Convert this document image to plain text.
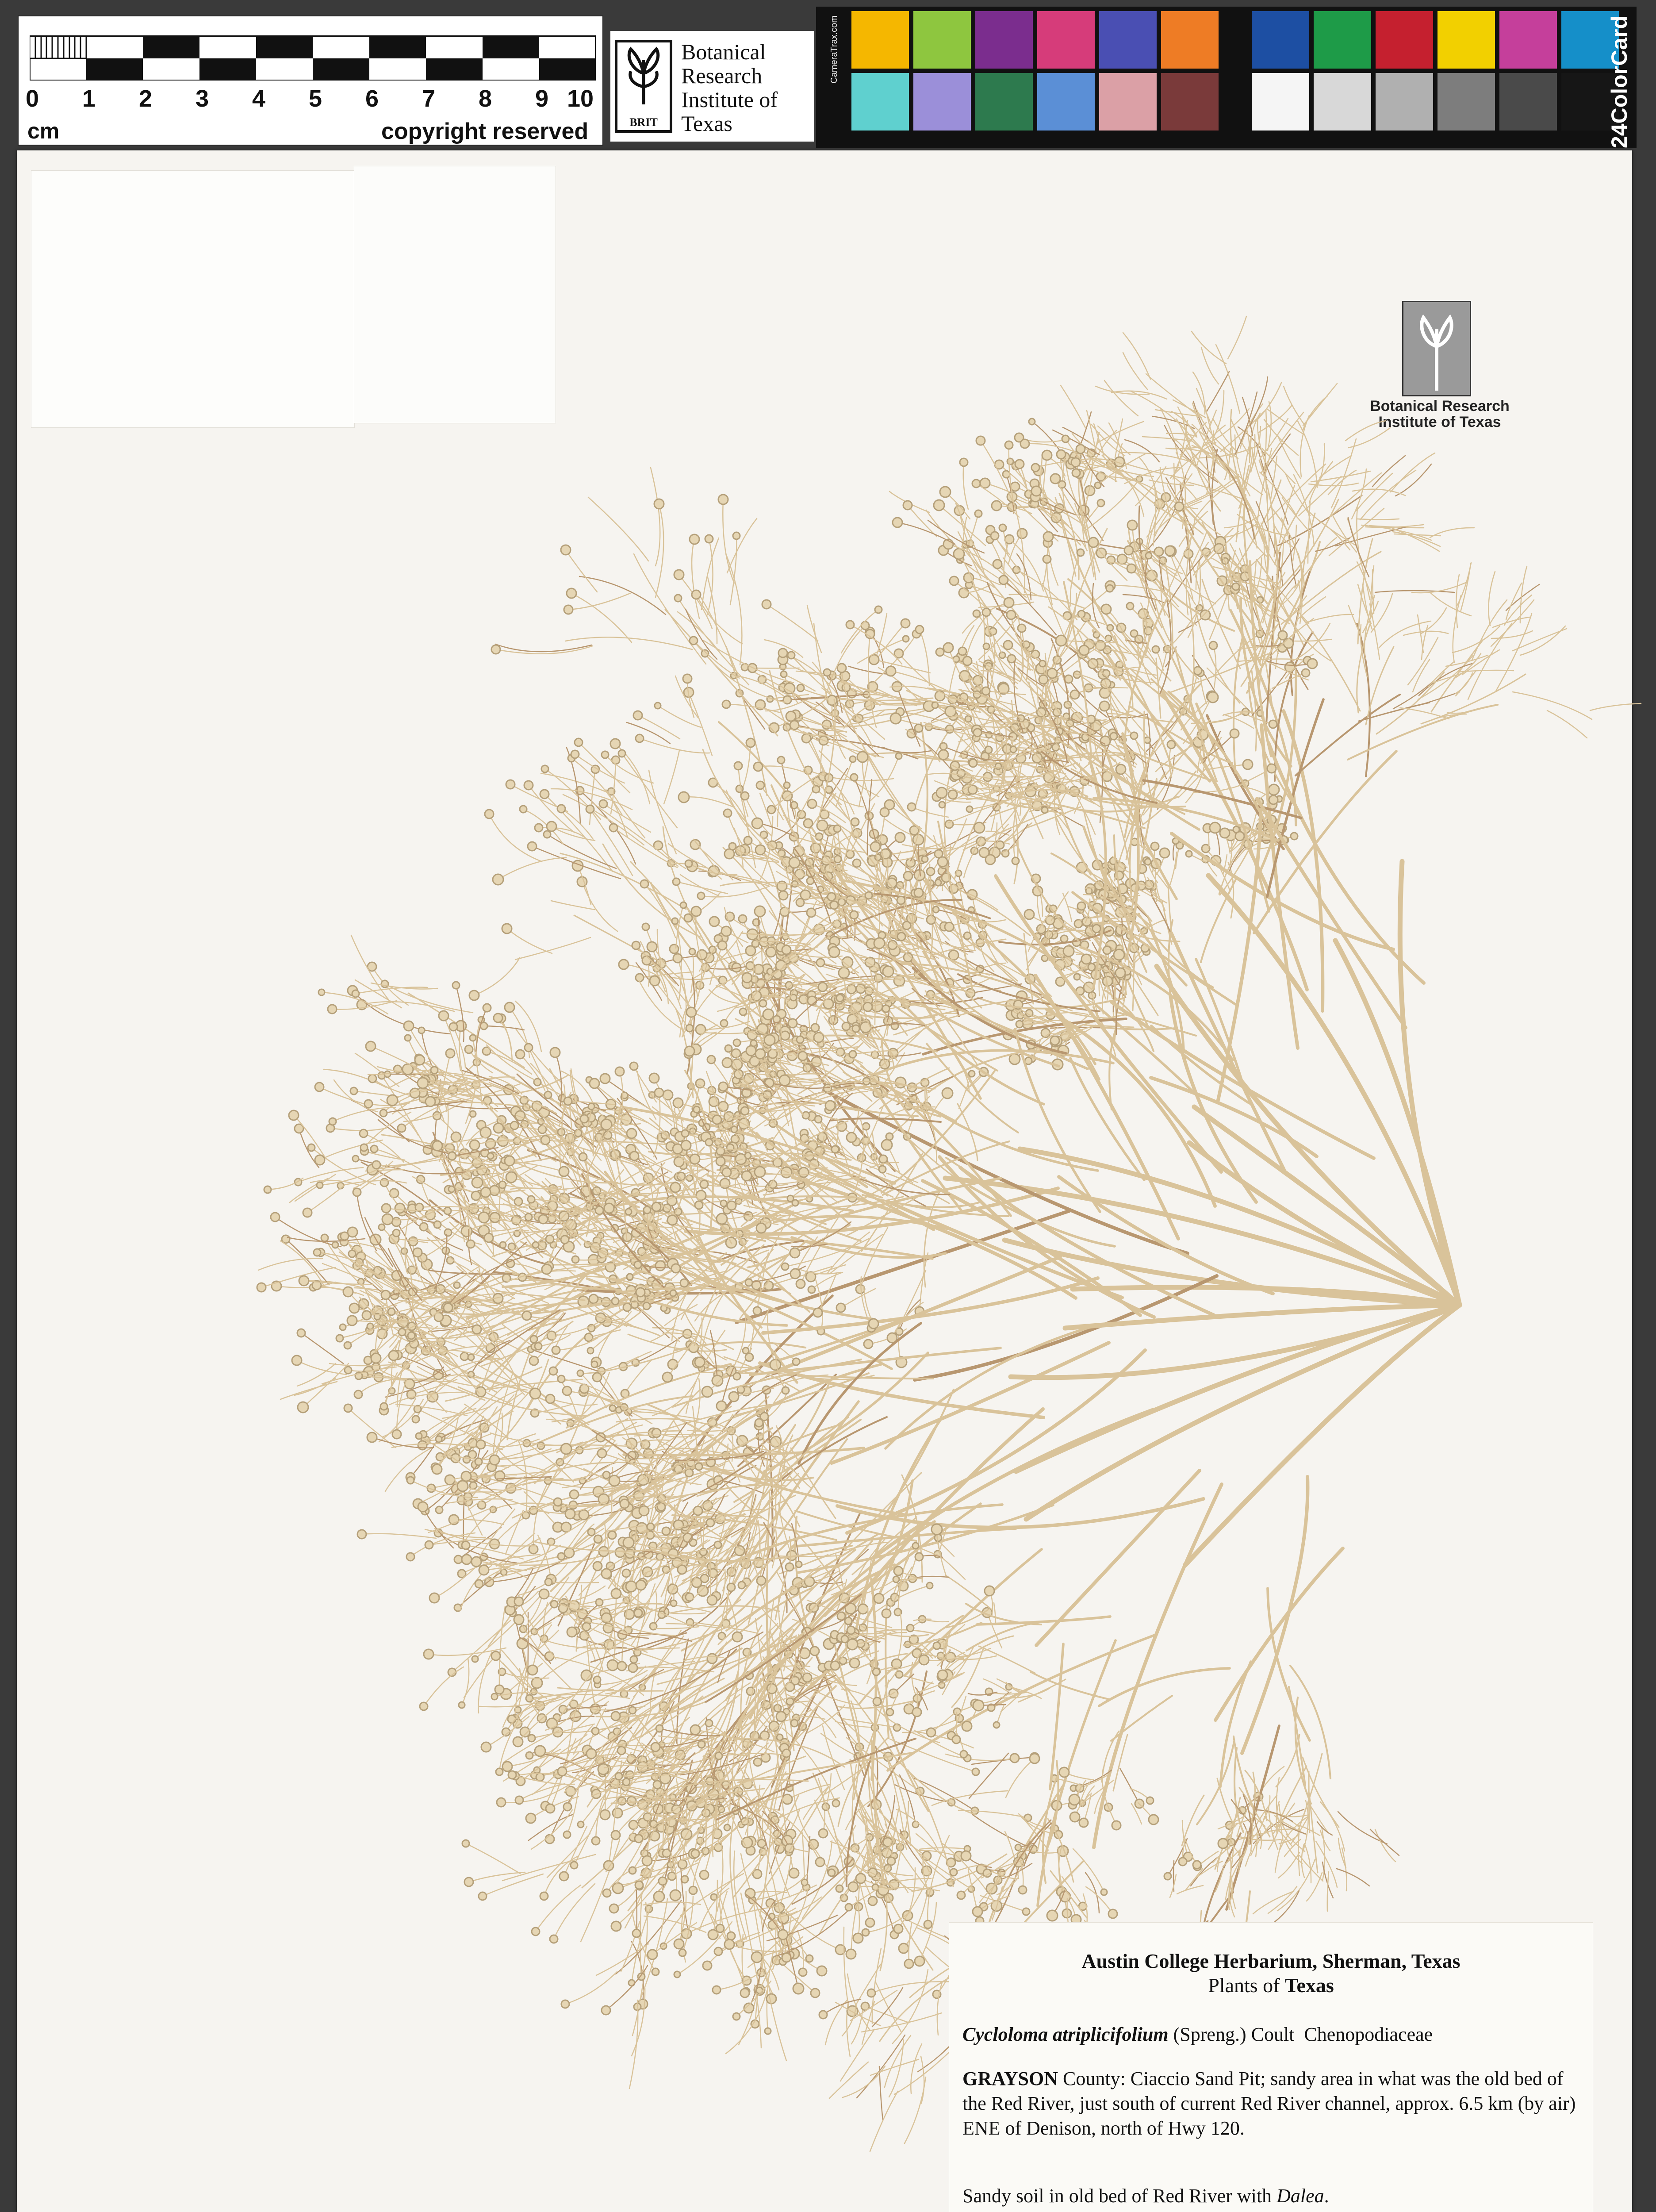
0 1 2 3 4 5 6 7 8 9 10
cm	copyright reserved	BRIT
Botanical
Research
Institute of
Texas
CameraTrax.com	24ColorCard
Botanical Research
Institute of Texas
Austin College Herbarium, Sherman, Texas
Plants of Texas
Cycloloma atriplicifolium (Spreng.) Coult Chenopodiaceae
GRAYSON County: Ciaccio Sand Pit; sandy area in what was the old bed of the Red River, just south of current Red River channel, approx. 6.5 km (by air) ENE of Denison, north of Hwy 120.
Sandy soil in old bed of Red River with Dalea.
